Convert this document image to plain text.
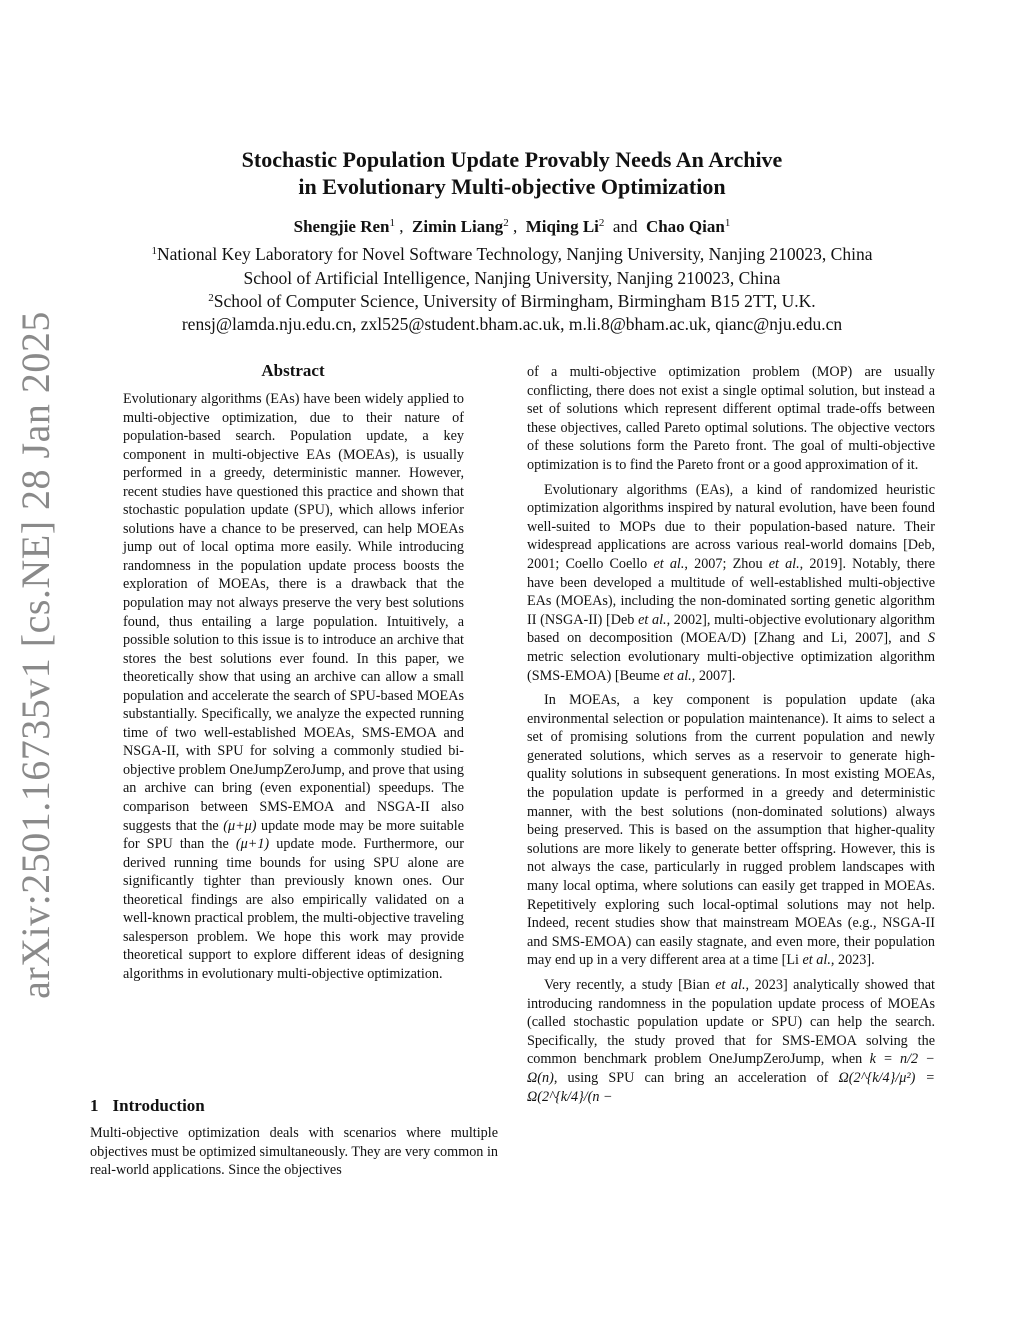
arXiv:2501.16735v1 [cs.NE] 28 Jan 2025
Stochastic Population Update Provably Needs An Archive
in Evolutionary Multi-objective Optimization
Shengjie Ren$^1$ ,  Zimin Liang$^2$ ,  Miqing Li$^2$ and Chao Qian$^1$
$^1$National Key Laboratory for Novel Software Technology, Nanjing University, Nanjing 210023, China
School of Artificial Intelligence, Nanjing University, Nanjing 210023, China
$^2$School of Computer Science, University of Birmingham, Birmingham B15 2TT, U.K.
rensj@lamda.nju.edu.cn, zxl525@student.bham.ac.uk, m.li.8@bham.ac.uk, qianc@nju.edu.cn
Abstract
Evolutionary algorithms (EAs) have been widely applied to multi-objective optimization, due to their nature of population-based search. Population update, a key component in multi-objective EAs (MOEAs), is usually performed in a greedy, deterministic manner. However, recent studies have questioned this practice and shown that stochastic population update (SPU), which allows inferior solutions have a chance to be preserved, can help MOEAs jump out of local optima more easily. While introducing randomness in the population update process boosts the exploration of MOEAs, there is a drawback that the population may not always preserve the very best solutions found, thus entailing a large population. Intuitively, a possible solution to this issue is to introduce an archive that stores the best solutions ever found. In this paper, we theoretically show that using an archive can allow a small population and accelerate the search of SPU-based MOEAs substantially. Specifically, we analyze the expected running time of two well-established MOEAs, SMS-EMOA and NSGA-II, with SPU for solving a commonly studied bi-objective problem OneJumpZeroJump, and prove that using an archive can bring (even exponential) speedups. The comparison between SMS-EMOA and NSGA-II also suggests that the (μ+μ) update mode may be more suitable for SPU than the (μ+1) update mode. Furthermore, our derived running time bounds for using SPU alone are significantly tighter than previously known ones. Our theoretical findings are also empirically validated on a well-known practical problem, the multi-objective traveling salesperson problem. We hope this work may provide theoretical support to explore different ideas of designing algorithms in evolutionary multi-objective optimization.
1 Introduction

Multi-objective optimization deals with scenarios where multiple objectives must be optimized simultaneously. They are very common in real-world applications. Since the objectives

of a multi-objective optimization problem (MOP) are usually conflicting, there does not exist a single optimal solution, but instead a set of solutions which represent different optimal trade-offs between these objectives, called Pareto optimal solutions. The objective vectors of these solutions form the Pareto front. The goal of multi-objective optimization is to find the Pareto front or a good approximation of it.

Evolutionary algorithms (EAs), a kind of randomized heuristic optimization algorithms inspired by natural evolution, have been found well-suited to MOPs due to their population-based nature. Their widespread applications are across various real-world domains [Deb, 2001; Coello Coello et al., 2007; Zhou et al., 2019]. Notably, there have been developed a multitude of well-established multi-objective EAs (MOEAs), including the non-dominated sorting genetic algorithm II (NSGA-II) [Deb et al., 2002], multi-objective evolutionary algorithm based on decomposition (MOEA/D) [Zhang and Li, 2007], and S metric selection evolutionary multi-objective optimization algorithm (SMS-EMOA) [Beume et al., 2007].

In MOEAs, a key component is population update (aka environmental selection or population maintenance). It aims to select a set of promising solutions from the current population and newly generated solutions, which serves as a reservoir to generate high-quality solutions in subsequent generations. In most existing MOEAs, the population update is performed in a greedy and deterministic manner, with the best solutions (non-dominated solutions) always being preserved. This is based on the assumption that higher-quality solutions are more likely to generate better offspring. However, this is not always the case, particularly in rugged problem landscapes with many local optima, where solutions can easily get trapped in MOEAs. Repetitively exploring such local-optimal solutions may not help. Indeed, recent studies show that mainstream MOEAs (e.g., NSGA-II and SMS-EMOA) can easily stagnate, and even more, their population may end up in a very different area at a time [Li et al., 2023].

Very recently, a study [Bian et al., 2023] analytically showed that introducing randomness in the population update process of MOEAs (called stochastic population update or SPU) can help the search. Specifically, the study proved that for SMS-EMOA solving the common benchmark problem OneJumpZeroJump, when k = n/2 − Ω(n), using SPU can bring an acceleration of Ω(2^{k/4}/μ²) = Ω(2^{k/4}/(n −
